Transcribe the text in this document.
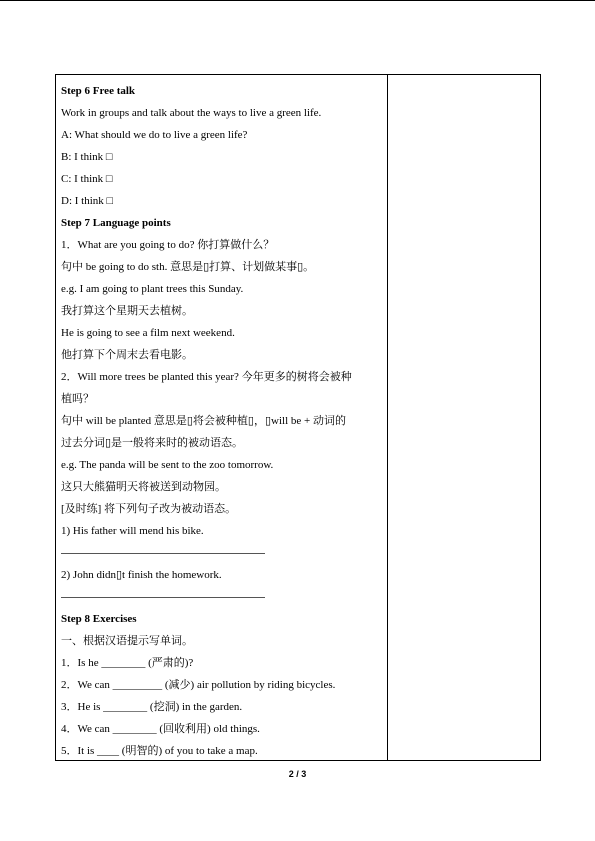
Step 6 Free talk
Work in groups and talk about the ways to live a green life.
A: What should we do to live a green life?
B: I think □
C: I think □
D: I think □
Step 7 Language points
1．What are you going to do? 你打算做什么？
句中 be going to do sth. 意思是▯打算、计划做某事▯。
e.g. I am going to plant trees this Sunday.
我打算这个星期天去植树。
He is going to see a film next weekend.
他打算下个周末去看电影。
2．Will more trees be planted this year? 今年更多的树将会被种
植吗？
句中 will be planted 意思是▯将会被种植▯，▯will be + 动词的
过去分词▯是一般将来时的被动语态。
e.g. The panda will be sent to the zoo tomorrow.
这只大熊猫明天将被送到动物园。
[及时练] 将下列句子改为被动语态。
1) His father will mend his bike.
2) John didn▯t finish the homework.
Step 8 Exercises
一、根据汉语提示写单词。
1．Is he ________ (严肃的)?
2．We can _________ (减少) air pollution by riding bicycles.
3．He is ________ (挖洞) in the garden.
4．We can ________ (回收利用) old things.
5．It is ____ (明智的) of you to take a map.
2 / 3
